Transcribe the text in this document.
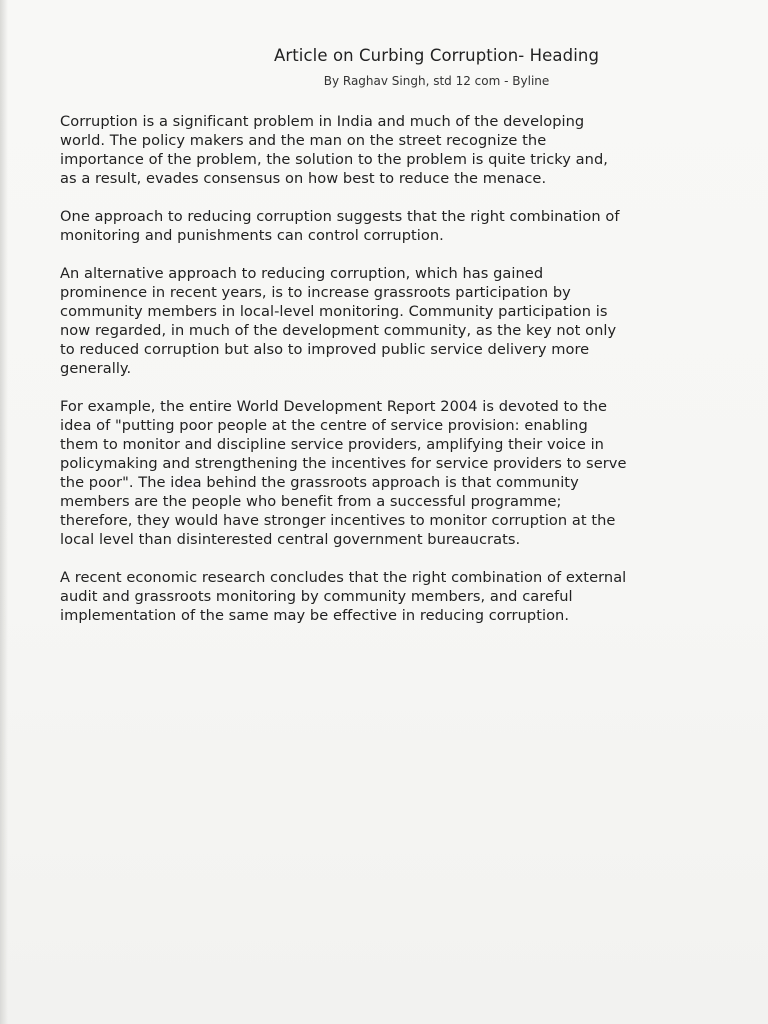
Article on Curbing Corruption- Heading
By Raghav Singh, std 12 com - Byline

Corruption is a significant problem in India and much of the developing
world. The policy makers and the man on the street recognize the
importance of the problem, the solution to the problem is quite tricky and,
as a result, evades consensus on how best to reduce the menace.

One approach to reducing corruption suggests that the right combination of
monitoring and punishments can control corruption.

An alternative approach to reducing corruption, which has gained
prominence in recent years, is to increase grassroots participation by
community members in local-level monitoring. Community participation is
now regarded, in much of the development community, as the key not only
to reduced corruption but also to improved public service delivery more
generally.

For example, the entire World Development Report 2004 is devoted to the
idea of "putting poor people at the centre of service provision: enabling
them to monitor and discipline service providers, amplifying their voice in
policymaking and strengthening the incentives for service providers to serve
the poor". The idea behind the grassroots approach is that community
members are the people who benefit from a successful programme;
therefore, they would have stronger incentives to monitor corruption at the
local level than disinterested central government bureaucrats.

A recent economic research concludes that the right combination of external
audit and grassroots monitoring by community members, and careful
implementation of the same may be effective in reducing corruption.
